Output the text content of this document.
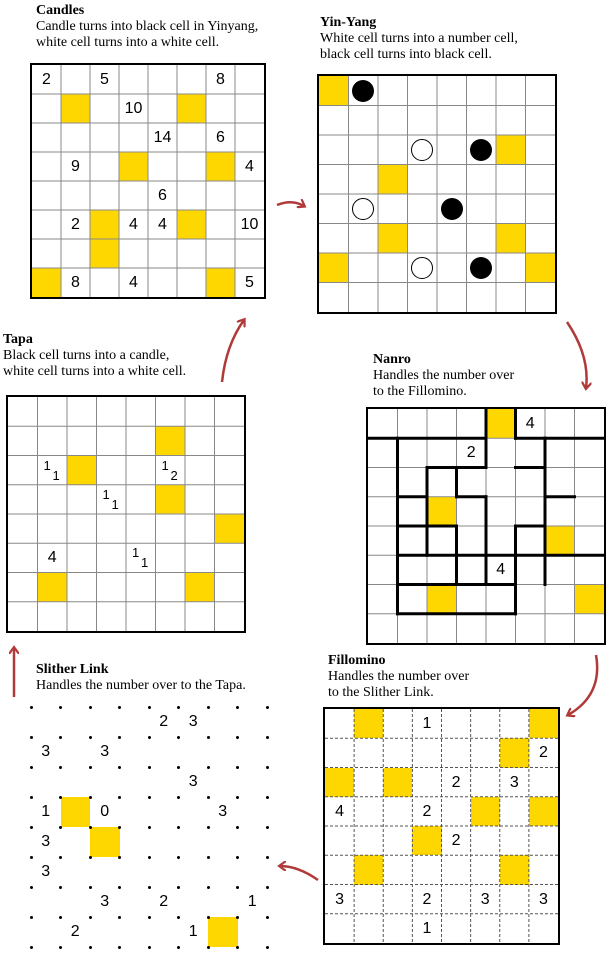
Candles
Candle turns into black cell in Yinyang,
white cell turns into a white cell.
2	5	8
10
14	6
9	4
6
2	4	4	10
8	4	5
Yin-Yang
White cell turns into a number cell,
black cell turns into black cell.
Tapa
Black cell turns into a candle,
white cell turns into a white cell.
4
1
1
1
2
1
1
1
1
Nanro
Handles the number over
to the Fillomino.
4
2
4
Slither Link
Handles the number over to the Tapa.
2	3
3	3
3
1	0	3
3
3
3	2	1
2	1
Fillomino
Handles the number over
to the Slither Link.
1
2
2	3
4	2
2
3	2	3	3
1
